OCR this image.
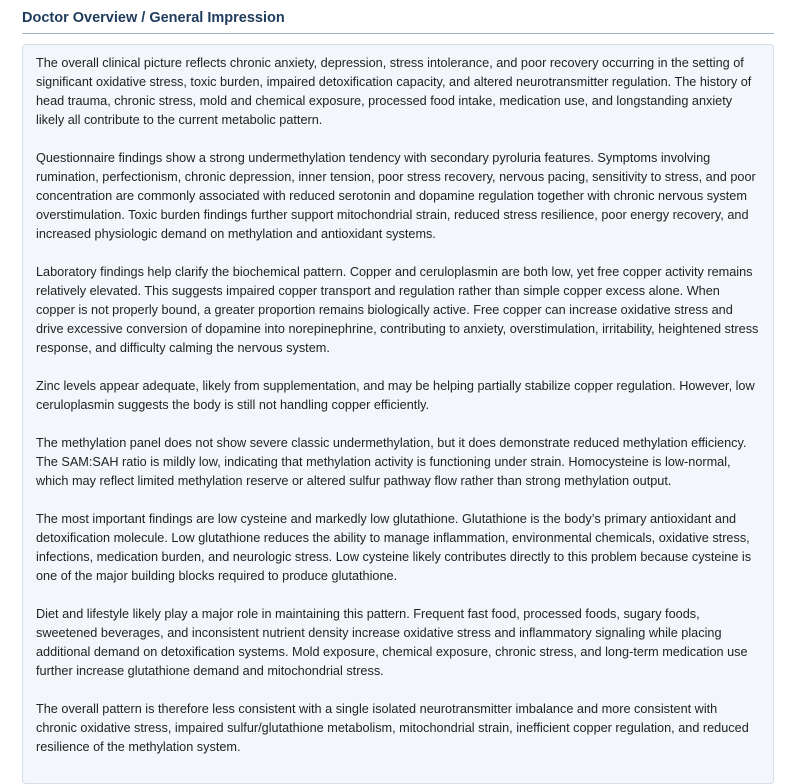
Doctor Overview / General Impression

The overall clinical picture reflects chronic anxiety, depression, stress intolerance, and poor recovery occurring in the setting of significant oxidative stress, toxic burden, impaired detoxification capacity, and altered neurotransmitter regulation. The history of head trauma, chronic stress, mold and chemical exposure, processed food intake, medication use, and longstanding anxiety likely all contribute to the current metabolic pattern.

Questionnaire findings show a strong undermethylation tendency with secondary pyroluria features. Symptoms involving rumination, perfectionism, chronic depression, inner tension, poor stress recovery, nervous pacing, sensitivity to stress, and poor concentration are commonly associated with reduced serotonin and dopamine regulation together with chronic nervous system overstimulation. Toxic burden findings further support mitochondrial strain, reduced stress resilience, poor energy recovery, and increased physiologic demand on methylation and antioxidant systems.

Laboratory findings help clarify the biochemical pattern. Copper and ceruloplasmin are both low, yet free copper activity remains relatively elevated. This suggests impaired copper transport and regulation rather than simple copper excess alone. When copper is not properly bound, a greater proportion remains biologically active. Free copper can increase oxidative stress and drive excessive conversion of dopamine into norepinephrine, contributing to anxiety, overstimulation, irritability, heightened stress response, and difficulty calming the nervous system.

Zinc levels appear adequate, likely from supplementation, and may be helping partially stabilize copper regulation. However, low ceruloplasmin suggests the body is still not handling copper efficiently.

The methylation panel does not show severe classic undermethylation, but it does demonstrate reduced methylation efficiency. The SAM:SAH ratio is mildly low, indicating that methylation activity is functioning under strain. Homocysteine is low-normal, which may reflect limited methylation reserve or altered sulfur pathway flow rather than strong methylation output.

The most important findings are low cysteine and markedly low glutathione. Glutathione is the body’s primary antioxidant and detoxification molecule. Low glutathione reduces the ability to manage inflammation, environmental chemicals, oxidative stress, infections, medication burden, and neurologic stress. Low cysteine likely contributes directly to this problem because cysteine is one of the major building blocks required to produce glutathione.

Diet and lifestyle likely play a major role in maintaining this pattern. Frequent fast food, processed foods, sugary foods, sweetened beverages, and inconsistent nutrient density increase oxidative stress and inflammatory signaling while placing additional demand on detoxification systems. Mold exposure, chemical exposure, chronic stress, and long-term medication use further increase glutathione demand and mitochondrial stress.

The overall pattern is therefore less consistent with a single isolated neurotransmitter imbalance and more consistent with chronic oxidative stress, impaired sulfur/glutathione metabolism, mitochondrial strain, inefficient copper regulation, and reduced resilience of the methylation system.
